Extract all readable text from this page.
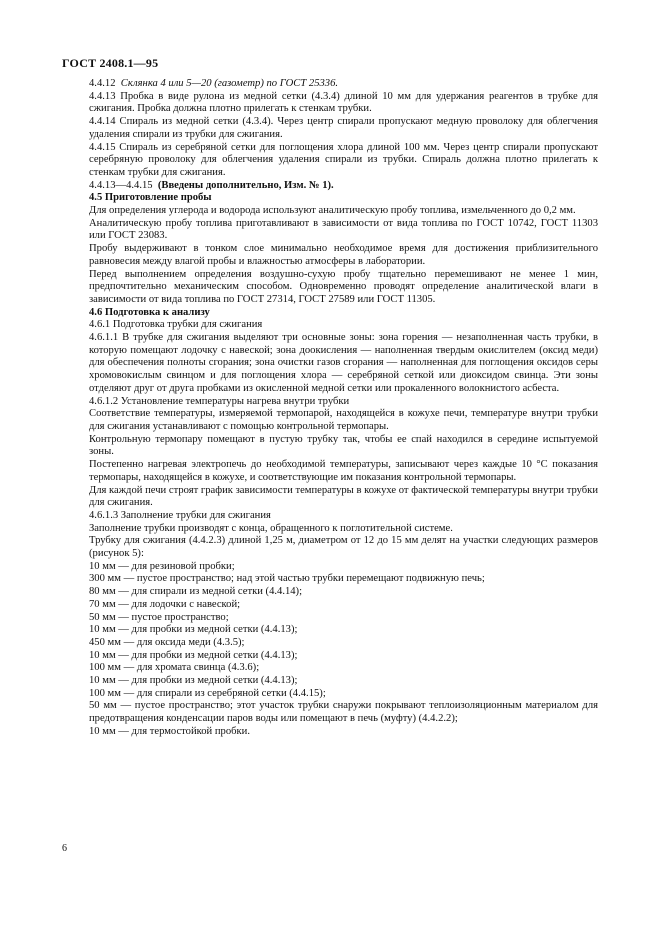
ГОСТ 2408.1—95

4.4.12 Склянка 4 или 5—20 (газометр) по ГОСТ 25336.

4.4.13 Пробка в виде рулона из медной сетки (4.3.4) длиной 10 мм для удержания реагентов в трубке для сжигания. Пробка должна плотно прилегать к стенкам трубки.

4.4.14 Спираль из медной сетки (4.3.4). Через центр спирали пропускают медную проволоку для облегчения удаления спирали из трубки для сжигания.

4.4.15 Спираль из серебряной сетки для поглощения хлора длиной 100 мм. Через центр спирали пропускают серебряную проволоку для облегчения удаления спирали из трубки. Спираль должна плотно прилегать к стенкам трубки для сжигания.

4.4.13—4.4.15 (Введены дополнительно, Изм. № 1).

4.5 Приготовление пробы

Для определения углерода и водорода используют аналитическую пробу топлива, измельченного до 0,2 мм.

Аналитическую пробу топлива приготавливают в зависимости от вида топлива по ГОСТ 10742, ГОСТ 11303 или ГОСТ 23083.

Пробу выдерживают в тонком слое минимально необходимое время для достижения приблизительного равновесия между влагой пробы и влажностью атмосферы в лаборатории.

Перед выполнением определения воздушно-сухую пробу тщательно перемешивают не менее 1 мин, предпочтительно механическим способом. Одновременно проводят определение аналитической влаги в зависимости от вида топлива по ГОСТ 27314, ГОСТ 27589 или ГОСТ 11305.

4.6 Подготовка к анализу

4.6.1 Подготовка трубки для сжигания

4.6.1.1 В трубке для сжигания выделяют три основные зоны: зона горения — незаполненная часть трубки, в которую помещают лодочку с навеской; зона доокисления — наполненная твердым окислителем (оксид меди) для обеспечения полноты сгорания; зона очистки газов сгорания — наполненная для поглощения оксидов серы хромовокислым свинцом и для поглощения хлора — серебряной сеткой или диоксидом свинца. Эти зоны отделяют друг от друга пробками из окисленной медной сетки или прокаленного волокнистого асбеста.

4.6.1.2 Установление температуры нагрева внутри трубки

Соответствие температуры, измеряемой термопарой, находящейся в кожухе печи, температуре внутри трубки для сжигания устанавливают с помощью контрольной термопары.

Контрольную термопару помещают в пустую трубку так, чтобы ее спай находился в середине испытуемой зоны.

Постепенно нагревая электропечь до необходимой температуры, записывают через каждые 10 °С показания термопары, находящейся в кожухе, и соответствующие им показания контрольной термопары.

Для каждой печи строят график зависимости температуры в кожухе от фактической температуры внутри трубки для сжигания.

4.6.1.3 Заполнение трубки для сжигания

Заполнение трубки производят с конца, обращенного к поглотительной системе.

Трубку для сжигания (4.4.2.3) длиной 1,25 м, диаметром от 12 до 15 мм делят на участки следующих размеров (рисунок 5):

10 мм — для резиновой пробки;

300 мм — пустое пространство; над этой частью трубки перемещают подвижную печь;

80 мм — для спирали из медной сетки (4.4.14);

70 мм — для лодочки с навеской;

50 мм — пустое пространство;

10 мм — для пробки из медной сетки (4.4.13);

450 мм — для оксида меди (4.3.5);

10 мм — для пробки из медной сетки (4.4.13);

100 мм — для хромата свинца (4.3.6);

10 мм — для пробки из медной сетки (4.4.13);

100 мм — для спирали из серебряной сетки (4.4.15);

50 мм — пустое пространство; этот участок трубки снаружи покрывают теплоизоляционным материалом для предотвращения конденсации паров воды или помещают в печь (муфту) (4.4.2.2);

10 мм — для термостойкой пробки.

6
